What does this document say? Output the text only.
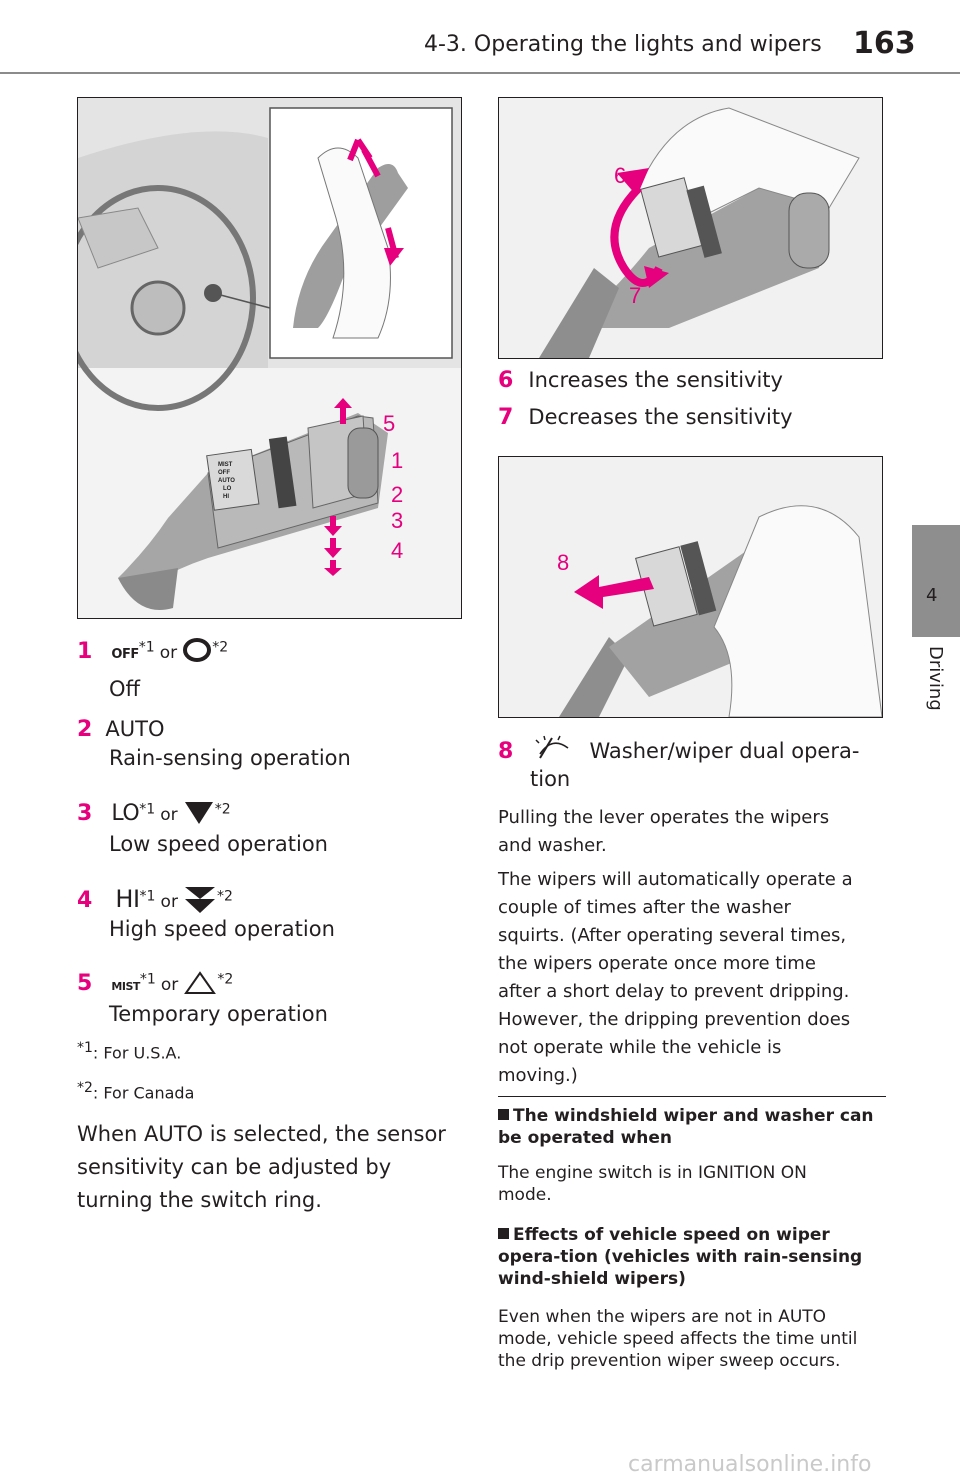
4-3. Operating the lights and wipers 163
4
Driving
MIST
OFF
AUTO
LO
HI
5
1
2
3
4
1 OFF*1 or	*2
Off
2 AUTO
Rain-sensing operation
3 LO*1 or	*2
Low speed operation
4 HI*1 or	*2
High speed operation
5 MIST*1 or	*2
Temporary operation
*1: For U.S.A.
*2: For Canada
When AUTO is selected, the sensor sensitivity can be adjusted by turning the switch ring.
6
7
6 Increases the sensitivity
7 Decreases the sensitivity
8
8	Washer/wiper dual opera-
tion
Pulling the lever operates the wipers and washer.
The wipers will automatically operate a couple of times after the washer squirts. (After operating several times, the wipers operate once more time after a short delay to prevent dripping. However, the dripping prevention does not operate while the vehicle is moving.)
The windshield wiper and washer can be operated when
The engine switch is in IGNITION ON mode.
Effects of vehicle speed on wiper opera-tion (vehicles with rain-sensing wind-shield wipers)
Even when the wipers are not in AUTO mode, vehicle speed affects the time until the drip prevention wiper sweep occurs.
carmanualsonline.info
